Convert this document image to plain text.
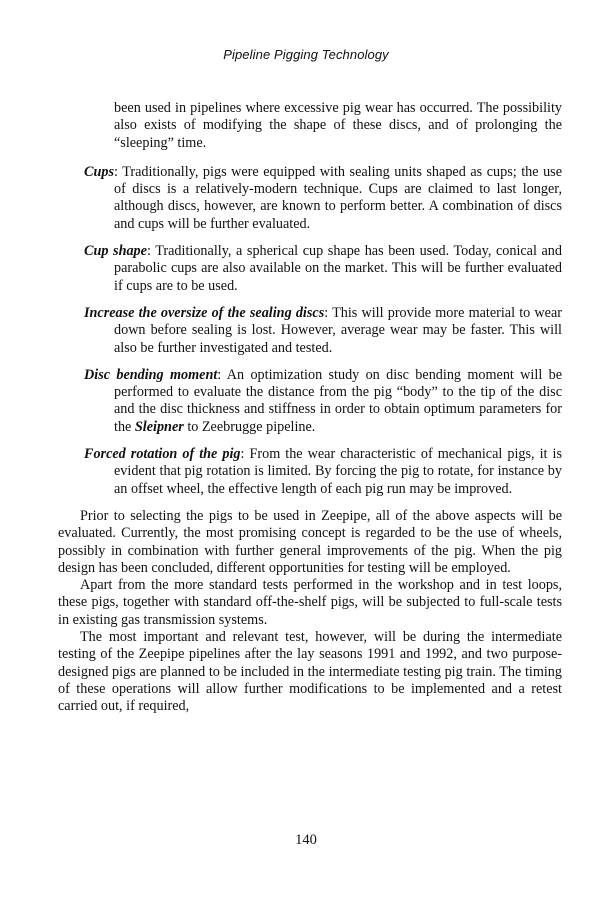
Pipeline Pigging Technology

been used in pipelines where excessive pig wear has occurred. The possibility also exists of modifying the shape of these discs, and of prolonging the “sleeping” time.

Cups: Traditionally, pigs were equipped with sealing units shaped as cups; the use of discs is a relatively-modern technique. Cups are claimed to last longer, although discs, however, are known to perform better. A combination of discs and cups will be further evaluated.

Cup shape: Traditionally, a spherical cup shape has been used. Today, conical and parabolic cups are also available on the market. This will be further evaluated if cups are to be used.

Increase the oversize of the sealing discs: This will provide more material to wear down before sealing is lost. However, average wear may be faster. This will also be further investigated and tested.

Disc bending moment: An optimization study on disc bending moment will be performed to evaluate the distance from the pig “body” to the tip of the disc and the disc thickness and stiffness in order to obtain optimum parameters for the Sleipner to Zeebrugge pipeline.

Forced rotation of the pig: From the wear characteristic of mechanical pigs, it is evident that pig rotation is limited. By forcing the pig to rotate, for instance by an offset wheel, the effective length of each pig run may be improved.

Prior to selecting the pigs to be used in Zeepipe, all of the above aspects will be evaluated. Currently, the most promising concept is regarded to be the use of wheels, possibly in combination with further general improvements of the pig. When the pig design has been concluded, different opportunities for testing will be employed.

Apart from the more standard tests performed in the workshop and in test loops, these pigs, together with standard off-the-shelf pigs, will be subjected to full-scale tests in existing gas transmission systems.

The most important and relevant test, however, will be during the intermediate testing of the Zeepipe pipelines after the lay seasons 1991 and 1992, and two purpose-designed pigs are planned to be included in the intermediate testing pig train. The timing of these operations will allow further modifications to be implemented and a retest carried out, if required,

140
